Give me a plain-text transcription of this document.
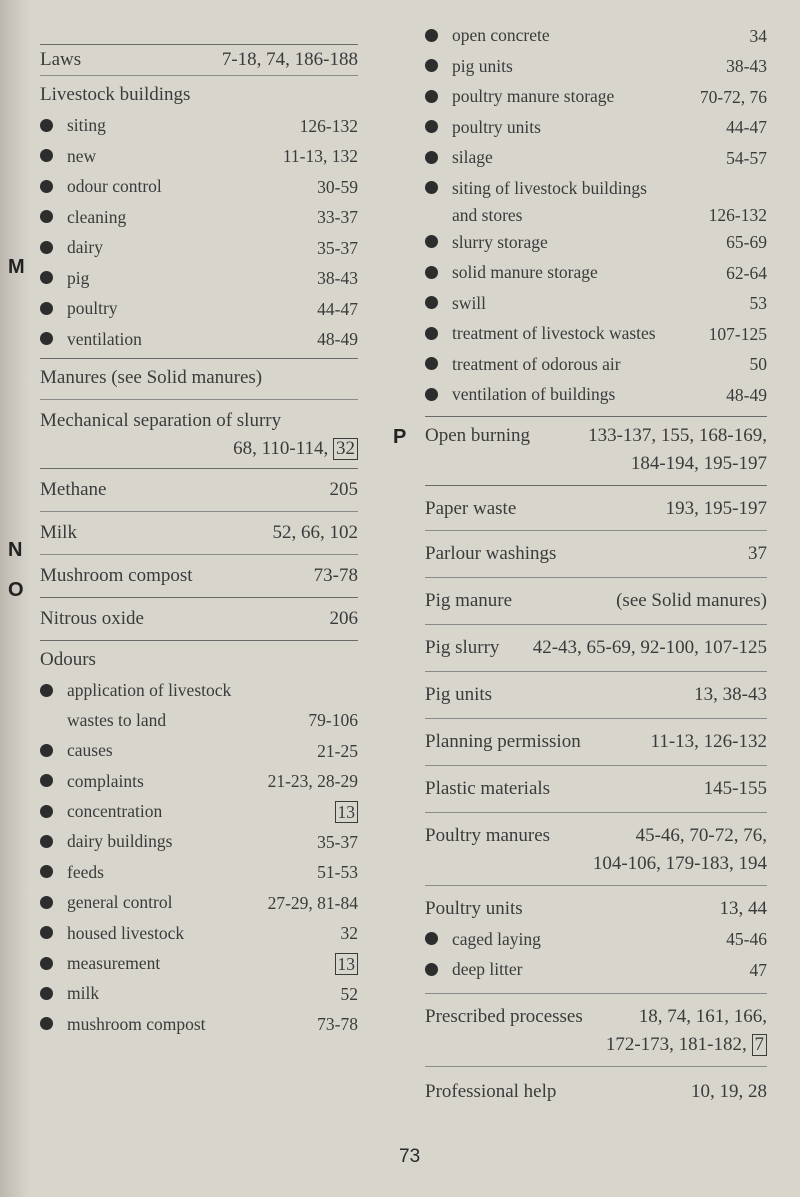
M
N
O
P
Laws	7-18, 74, 186-188
Livestock buildings
siting	126-132
new	11-13, 132
odour control	30-59
cleaning	33-37
dairy	35-37
pig	38-43
poultry	44-47
ventilation	48-49
Manures (see Solid manures)
Mechanical separation of slurry
68, 110-114, 32
Methane	205
Milk	52, 66, 102
Mushroom compost	73-78
Nitrous oxide	206
Odours
application of livestock
wastes to land	79-106
causes	21-25
complaints	21-23, 28-29
concentration	13
dairy buildings	35-37
feeds	51-53
general control	27-29, 81-84
housed livestock	32
measurement	13
milk	52
mushroom compost	73-78
open concrete	34
pig units	38-43
poultry manure storage	70-72, 76
poultry units	44-47
silage	54-57
siting of livestock buildings
and stores	126-132
slurry storage	65-69
solid manure storage	62-64
swill	53
treatment of livestock wastes	107-125
treatment of odorous air	50
ventilation of buildings	48-49
Open burning	133-137, 155, 168-169,
184-194, 195-197
Paper waste	193, 195-197
Parlour washings	37
Pig manure	(see Solid manures)
Pig slurry 42-43, 65-69, 92-100, 107-125
Pig units	13, 38-43
Planning permission	11-13, 126-132
Plastic materials	145-155
Poultry manures	45-46, 70-72, 76,
104-106, 179-183, 194
Poultry units	13, 44
caged laying	45-46
deep litter	47
Prescribed processes	18, 74, 161, 166,
172-173, 181-182, 7
Professional help	10, 19, 28
73
